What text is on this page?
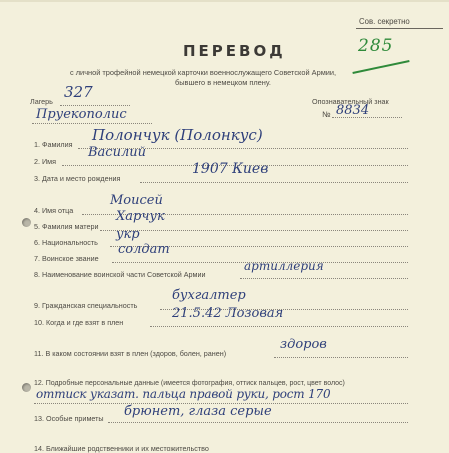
Сов. секретно
ПЕРЕВОД
с личной трофейной немецкой карточки военнослужащего Советской Армии,
бывшего в немецком плену.
285
Лагерь
327
Пруекополис
Опознавательный знак
№ 8834
1. Фамилия
Полончук (Полонкус)
2. Имя
Василий
3. Дата и место рождения
1907 Киев
4. Имя отца
Моисей
5. Фамилия матери
Харчук
6. Национальность
укр
7. Воинское звание
солдат
8. Наименование воинской части Советской Армии
артиллерия
9. Гражданская специальность
бухгалтер
10. Когда и где взят в плен
21.5.42 Лозовая
11. В каком состоянии взят в плен (здоров, болен, ранен)
здоров
12. Подробные персональные данные (имеется фотография, оттиск пальцев, рост, цвет волос)
оттиск указат. пальца правой руки, рост 170
13. Особые приметы брюнет, глаза серые
14. Ближайшие родственники и их местожительство
